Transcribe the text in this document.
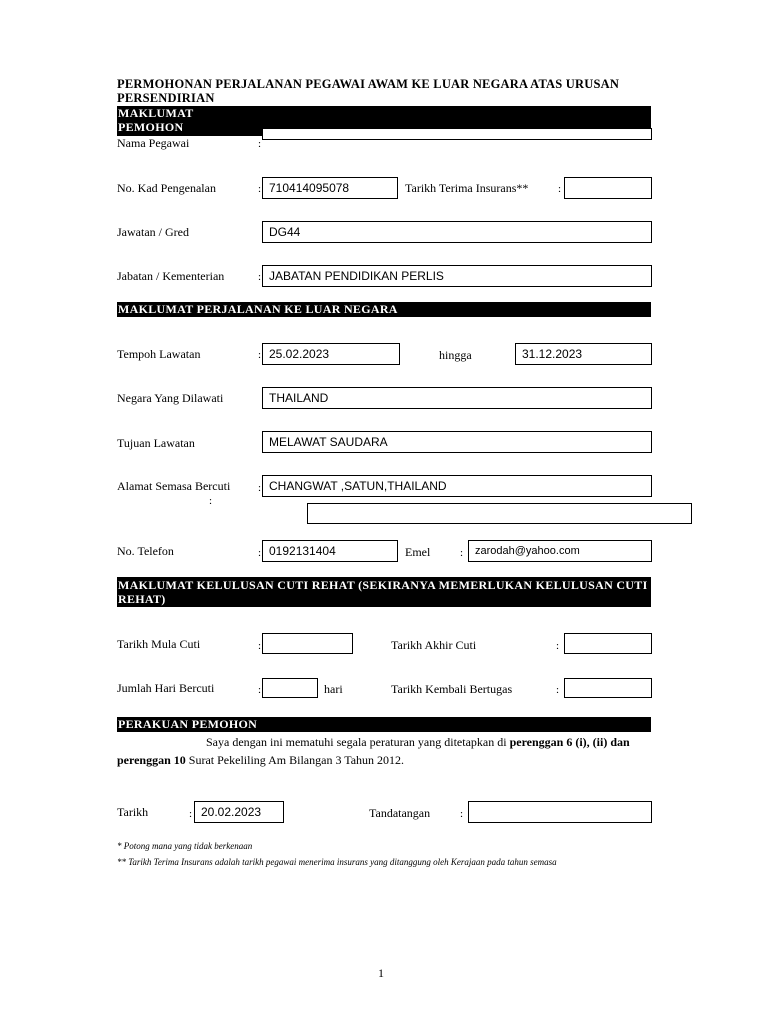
PERMOHONAN PERJALANAN PEGAWAI AWAM KE LUAR NEGARA ATAS URUSAN PERSENDIRIAN
MAKLUMAT PEMOHON
Nama Pegawai	:
No. Kad Pengenalan	: 710414095078	Tarikh Terima Insurans**	:
Jawatan / Gred	DG44
Jabatan / Kementerian	: JABATAN PENDIDIKAN PERLIS
MAKLUMAT PERJALANAN KE LUAR NEGARA
Tempoh Lawatan	: 25.02.2023	hingga	31.12.2023
Negara Yang Dilawati	THAILAND
Tujuan Lawatan	MELAWAT SAUDARA
Alamat Semasa Bercuti	: CHANGWAT ,SATUN,THAILAND
:
No. Telefon	: 0192131404	Emel	:	zarodah@yahoo.com
MAKLUMAT KELULUSAN CUTI REHAT (SEKIRANYA MEMERLUKAN KELULUSAN CUTI REHAT)
Tarikh Mula Cuti	:	Tarikh Akhir Cuti	:
Jumlah Hari Bercuti	:	hari	Tarikh Kembali Bertugas	:
PERAKUAN PEMOHON
Saya dengan ini mematuhi segala peraturan yang ditetapkan di perenggan 6 (i), (ii) dan perenggan 10 Surat Pekeliling Am Bilangan 3 Tahun 2012.
Tarikh	: 20.02.2023	Tandatangan	:
* Potong mana yang tidak berkenaan
** Tarikh Terima Insurans adalah tarikh pegawai menerima insurans yang ditanggung oleh Kerajaan pada tahun semasa
1
